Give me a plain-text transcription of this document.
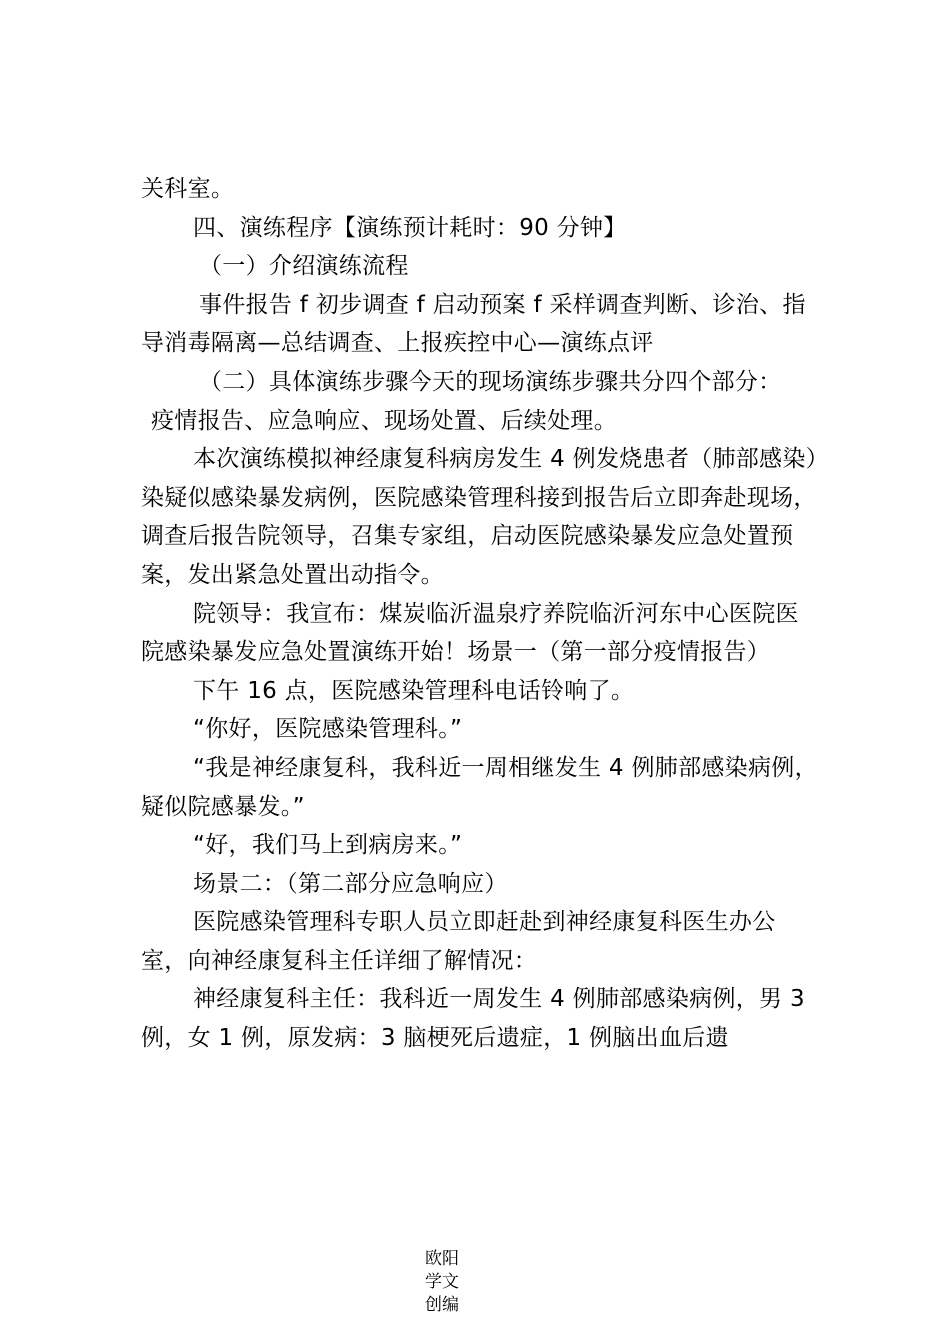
关科室。

四、演练程序【演练预计耗时：90 分钟】

（一）介绍演练流程

事件报告 f 初步调查 f 启动预案 f 采样调查判断、诊治、指导消毒隔离—总结调查、上报疾控中心—演练点评

（二）具体演练步骤今天的现场演练步骤共分四个部分：

疫情报告、应急响应、现场处置、后续处理。

本次演练模拟神经康复科病房发生 4 例发烧患者（肺部感染）染疑似感染暴发病例，医院感染管理科接到报告后立即奔赴现场，调查后报告院领导，召集专家组，启动医院感染暴发应急处置预案，发出紧急处置出动指令。

院领导：我宣布：煤炭临沂温泉疗养院临沂河东中心医院医院感染暴发应急处置演练开始！场景一（第一部分疫情报告）

下午 16 点，医院感染管理科电话铃响了。

“你好，医院感染管理科。”

“我是神经康复科，我科近一周相继发生 4 例肺部感染病例，疑似院感暴发。”

“好，我们马上到病房来。”

场景二：（第二部分应急响应）

医院感染管理科专职人员立即赶赴到神经康复科医生办公室，向神经康复科主任详细了解情况：

神经康复科主任：我科近一周发生 4 例肺部感染病例，男 3 例，女 1 例，原发病：3 脑梗死后遗症，1 例脑出血后遗

欧阳
学文
创编
